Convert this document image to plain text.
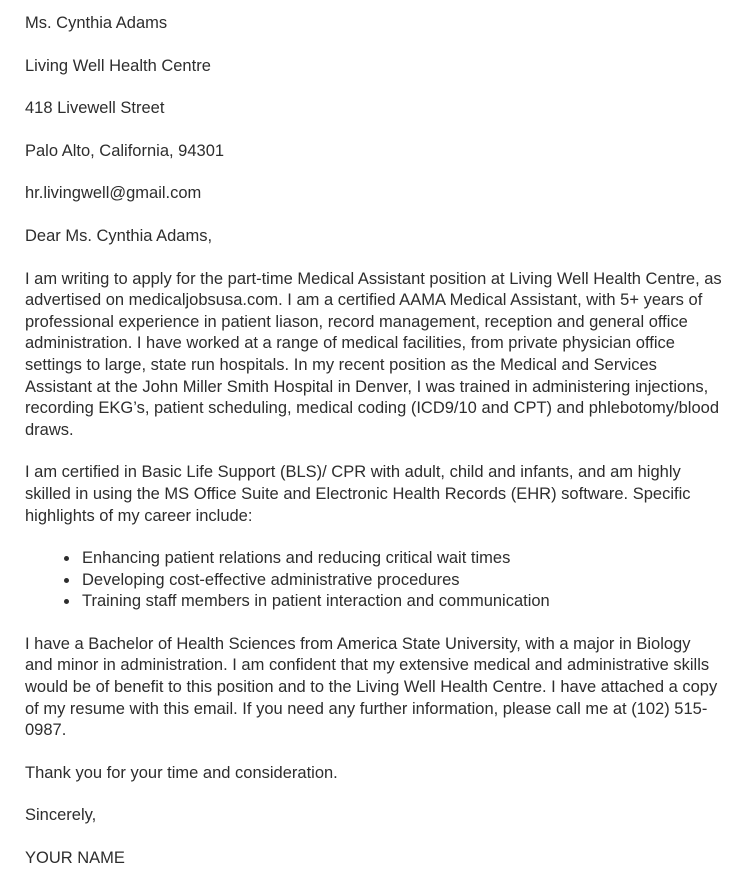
Ms. Cynthia Adams

Living Well Health Centre

418 Livewell Street

Palo Alto, California, 94301

hr.livingwell@gmail.com

Dear Ms. Cynthia Adams,

I am writing to apply for the part-time Medical Assistant position at Living Well Health Centre, as advertised on medicaljobsusa.com. I am a certified AAMA Medical Assistant, with 5+ years of professional experience in patient liason, record management, reception and general office administration. I have worked at a range of medical facilities, from private physician office settings to large, state run hospitals. In my recent position as the Medical and Services Assistant at the John Miller Smith Hospital in Denver, I was trained in administering injections, recording EKG’s, patient scheduling, medical coding (ICD9/10 and CPT) and phlebotomy/blood draws.

I am certified in Basic Life Support (BLS)/ CPR with adult, child and infants, and am highly skilled in using the MS Office Suite and Electronic Health Records (EHR) software. Specific highlights of my career include:

• Enhancing patient relations and reducing critical wait times
• Developing cost-effective administrative procedures
• Training staff members in patient interaction and communication

I have a Bachelor of Health Sciences from America State University, with a major in Biology and minor in administration. I am confident that my extensive medical and administrative skills would be of benefit to this position and to the Living Well Health Centre. I have attached a copy of my resume with this email. If you need any further information, please call me at (102) 515-0987.

Thank you for your time and consideration.

Sincerely,

YOUR NAME
